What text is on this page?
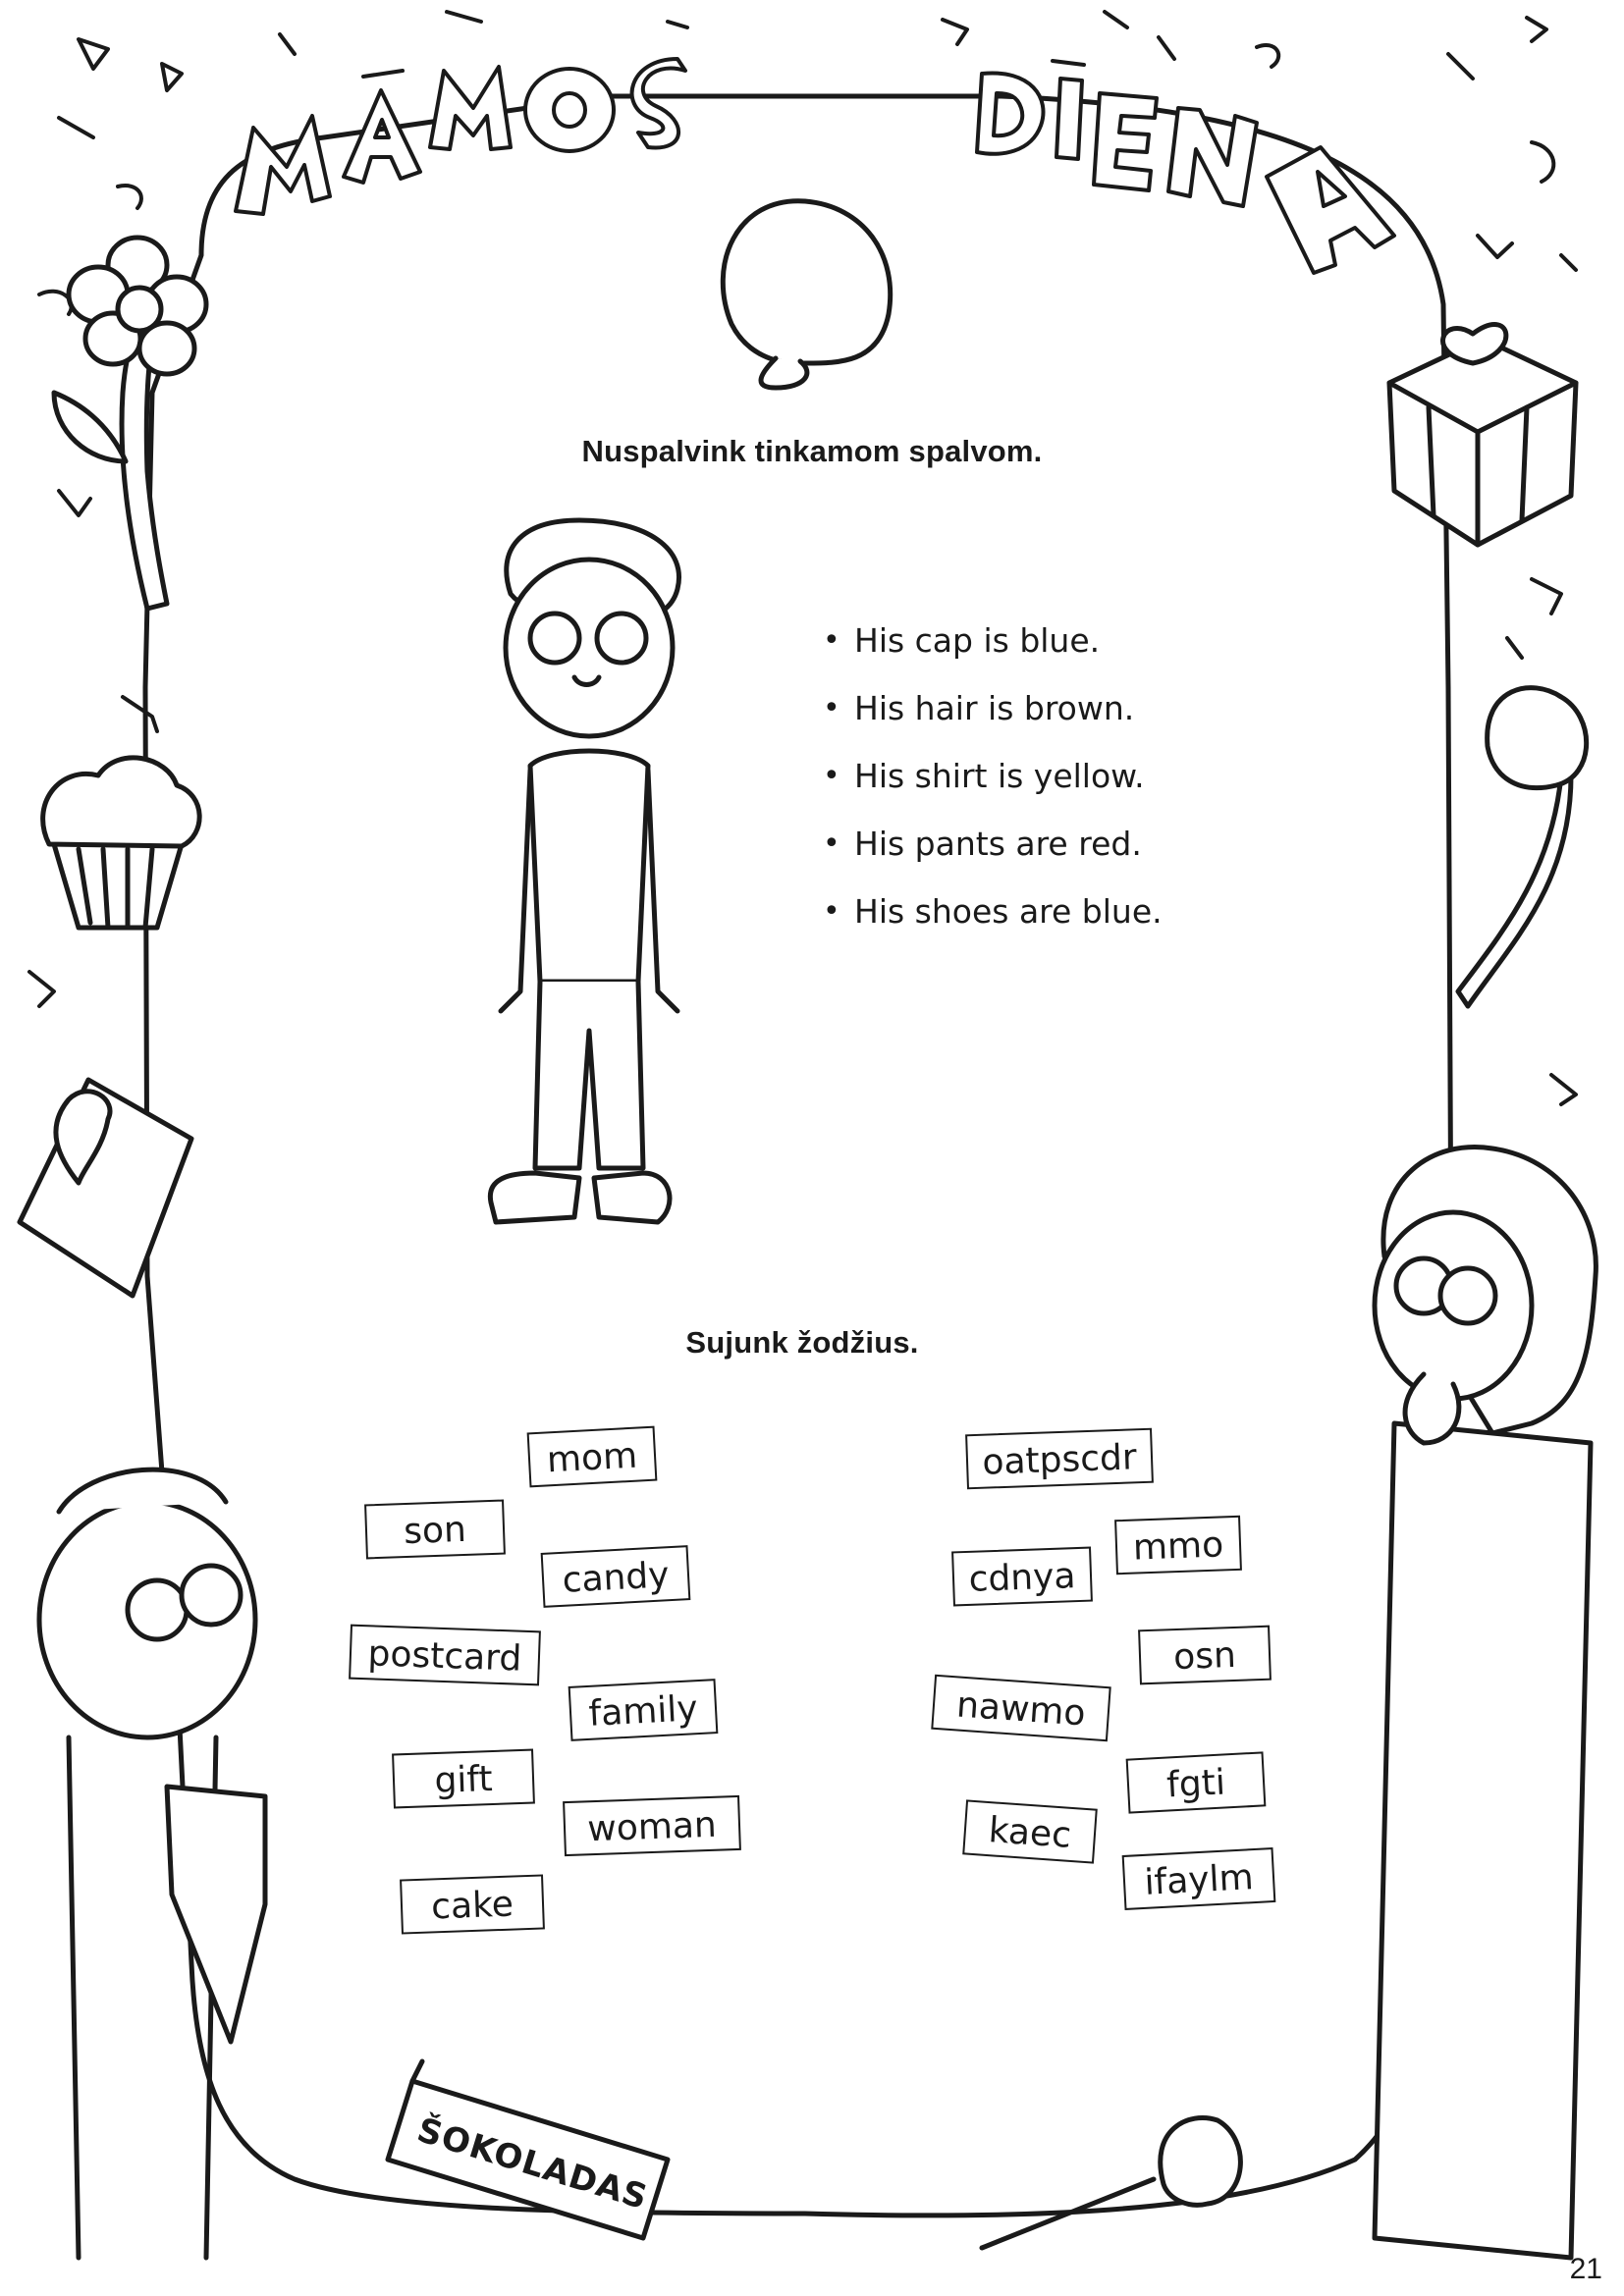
ŠOKOLADAS
Nuspalvink tinkamom spalvom.
Sujunk žodžius.
• His cap is blue.
• His hair is brown.
• His shirt is yellow.
• His pants are red.
• His shoes are blue.
mom
son
candy
postcard
family
gift
woman
cake
oatpscdr
mmo
cdnya
osn
nawmo
fgti
kaec
ifaylm
21
